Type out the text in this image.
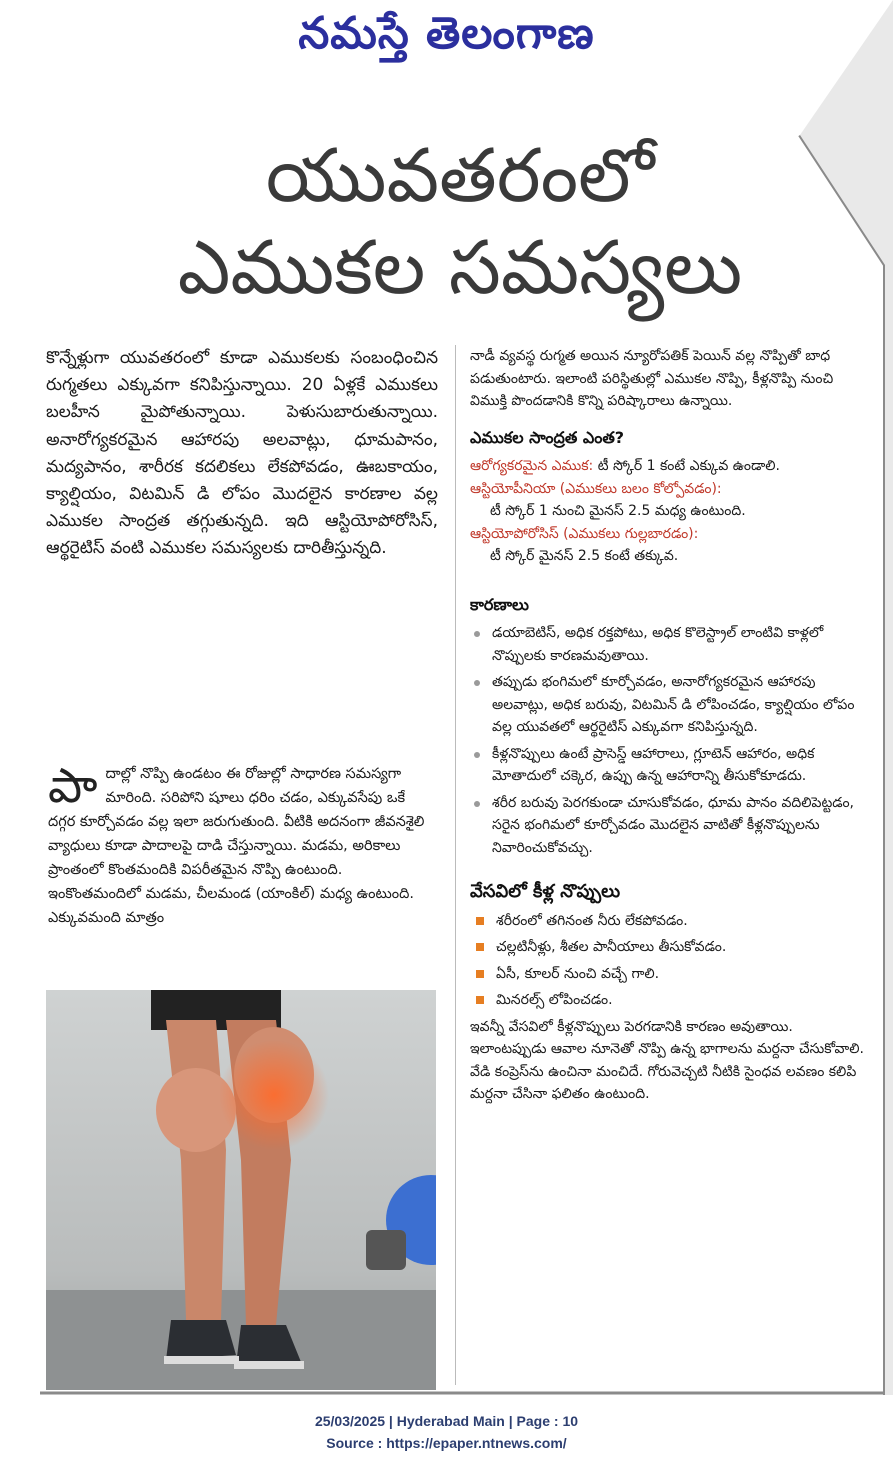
నమస్తే తెలంగాణ
యువతరంలో
ఎముకల సమస్యలు

కొన్నేళ్లుగా యువతరంలో కూడా ఎముకలకు సంబంధించిన రుగ్మతలు ఎక్కువగా కనిపిస్తున్నాయి. 20 ఏళ్లకే ఎముకలు బలహీన మైపోతున్నాయి. పెళుసుబారుతున్నాయి. అనారోగ్యకరమైన ఆహారపు అలవాట్లు, ధూమపానం, మద్యపానం, శారీరక కదలికలు లేకపోవడం, ఊబకాయం, క్యాల్షియం, విటమిన్ డి లోపం మొదలైన కారణాల వల్ల ఎముకల సాంద్రత తగ్గుతున్నది. ఇది ఆస్టియోపోరోసిస్, ఆర్థరైటిస్ వంటి ఎముకల సమస్యలకు దారితీస్తున్నది.

పా దాల్లో నొప్పి ఉండటం ఈ రోజుల్లో సాధారణ సమస్యగా మారింది. సరిపోని షూలు ధరిం చడం, ఎక్కువసేపు ఒకే దగ్గర కూర్చోవడం వల్ల ఇలా జరుగుతుంది. వీటికి అదనంగా జీవనశైలి వ్యాధులు కూడా పాదాలపై దాడి చేస్తున్నాయి. మడమ, అరికాలు ప్రాంతంలో కొంతమందికి విపరీతమైన నొప్పి ఉంటుంది. ఇంకొంతమందిలో మడమ, చీలమండ (యాంకిల్) మధ్య ఉంటుంది. ఎక్కువమంది మాత్రం

నాడీ వ్యవస్థ రుగ్మత అయిన న్యూరోపతిక్ పెయిన్ వల్ల నొప్పితో బాధ పడుతుంటారు. ఇలాంటి పరిస్థితుల్లో ఎముకల నొప్పి, కీళ్లనొప్పి నుంచి విముక్తి పొందడానికి కొన్ని పరిష్కారాలు ఉన్నాయి.

ఎముకల సాంద్రత ఎంత?
ఆరోగ్యకరమైన ఎముక: టీ స్కోర్ 1 కంటే ఎక్కువ ఉండాలి.
ఆస్టియోపీనియా (ఎముకలు బలం కోల్పోవడం):
టీ స్కోర్ 1 నుంచి మైనస్ 2.5 మధ్య ఉంటుంది.
ఆస్టియోపోరోసిస్ (ఎముకలు గుల్లబారడం):
టీ స్కోర్ మైనస్ 2.5 కంటే తక్కువ.
కారణాలు
డయాబెటిస్, అధిక రక్తపోటు, అధిక కొలెస్ట్రాల్ లాంటివి కాళ్లలో నొప్పులకు కారణమవుతాయి.
తప్పుడు భంగిమలో కూర్చోవడం, అనారోగ్యకరమైన ఆహారపు అలవాట్లు, అధిక బరువు, విటమిన్ డి లోపించడం, క్యాల్షియం లోపం వల్ల యువతలో ఆర్థరైటిస్ ఎక్కువగా కనిపిస్తున్నది.
కీళ్లనొప్పులు ఉంటే ప్రాసెస్డ్ ఆహారాలు, గ్లూటెన్ ఆహారం, అధిక మోతాదులో చక్కెర, ఉప్పు ఉన్న ఆహారాన్ని తీసుకోకూడదు.
శరీర బరువు పెరగకుండా చూసుకోవడం, ధూమ పానం వదిలిపెట్టడం, సరైన భంగిమలో కూర్చోవడం మొదలైన వాటితో కీళ్లనొప్పులను నివారించుకోవచ్చు.
వేసవిలో కీళ్ల నొప్పులు
శరీరంలో తగినంత నీరు లేకపోవడం.
చల్లటినీళ్లు, శీతల పానీయాలు తీసుకోవడం.
ఏసీ, కూలర్ నుంచి వచ్చే గాలి.
మినరల్స్ లోపించడం.

ఇవన్నీ వేసవిలో కీళ్లనొప్పులు పెరగడానికి కారణం అవుతాయి. ఇలాంటప్పుడు ఆవాల నూనెతో నొప్పి ఉన్న భాగాలను మర్దనా చేసుకోవాలి. వేడి కంప్రెస్‌ను ఉంచినా మంచిదే. గోరువెచ్చటి నీటికి సైంధవ లవణం కలిపి మర్దనా చేసినా ఫలితం ఉంటుంది.

25/03/2025 | Hyderabad Main | Page : 10
Source : https://epaper.ntnews.com/
